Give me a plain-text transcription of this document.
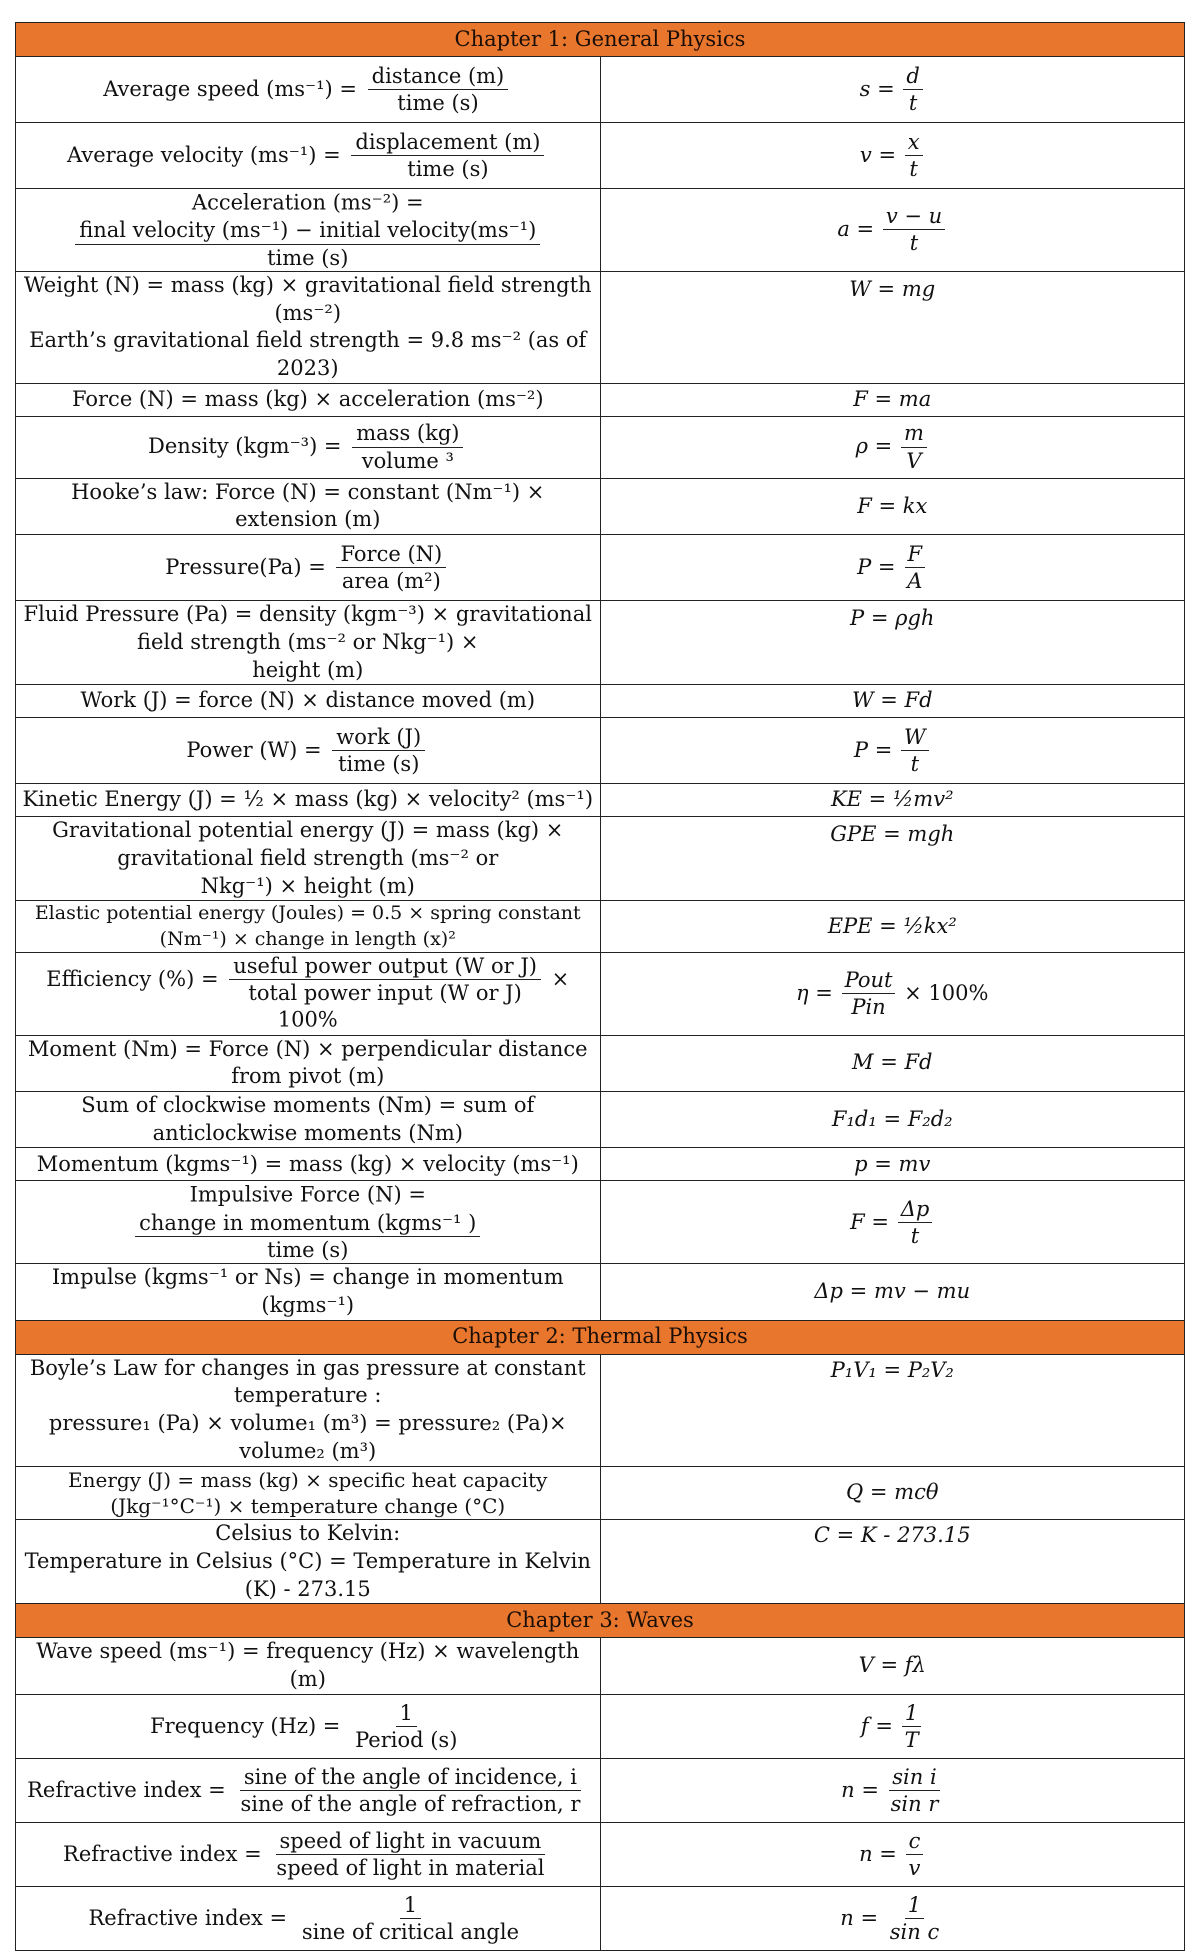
Chapter 1: General Physics	
Average speed $(ms^{-1}) = \frac{\text{distance (m)}}{\text{time (s)}}$	$s = \frac{d}{t}$

Average velocity $(ms^{-1}) = \frac{\text{displacement (m)}}{\text{time (s)}}$	$v = \frac{x}{t}$

Acceleration (ms⁻²) =
$\frac{\text{final velocity (ms⁻¹) − initial velocity(ms⁻¹)}}{\text{time (s)}}$	$a = \frac{v - u}{t}$

Weight (N) = mass (kg) × gravitational field strength (ms⁻²)
Earth’s gravitational field strength = 9.8 ms⁻² (as of 2023)	W = mg
Force (N) = mass (kg) × acceleration (ms⁻²)	F = ma
Density $(kgm^{-3}) = \frac{\text{mass (kg)}}{\text{volume ³}}$	$\rho = \frac{m}{V}$

Hooke’s law: Force (N) = constant (Nm⁻¹) × extension (m)	F = kx
Pressure(Pa) = $\frac{\text{Force (N)}}{\text{area (m²)}}$	$P = \frac{F}{A}$

Fluid Pressure (Pa) = density (kgm⁻³) × gravitational field strength (ms⁻² or Nkg⁻¹) ×
height (m)	P = ρgh
Work (J) = force (N) × distance moved (m)	W = Fd
Power $(W) = \frac{\text{work (J)}}{\text{time (s)}}$	$P = \frac{W}{t}$

Kinetic Energy (J) = ½ × mass (kg) × velocity² (ms⁻¹)	KE = ½mv²

Gravitational potential energy (J) = mass (kg) × gravitational field strength (ms⁻² or
Nkg⁻¹) × height (m)	GPE = mgh
Elastic potential energy (Joules) = 0.5 × spring constant (Nm⁻¹) × change in length (x)²	EPE = ½kx²
Efficiency (%) = $\frac{\text{useful power output (W or J)}}{\text{total power input (W or J)}} \times 100\%$	$\eta = \frac{\text{Pout}}{\text{Pin}} \times 100\%$
Moment (Nm) = Force (N) × perpendicular distance from pivot (m)	M = Fd
Sum of clockwise moments (Nm) = sum of anticlockwise moments (Nm)	F₁d₁ = F₂d₂
Momentum (kgms⁻¹) = mass (kg) × velocity (ms⁻¹)	p = mv
Impulsive Force (N) =
$\frac{\text{change in momentum (kgms⁻¹ )}}{\text{time (s)}}$	$F = \frac{\Delta p}{t}$

Impulse (kgms⁻¹ or Ns) = change in momentum (kgms⁻¹)	Δp = mv − mu
Chapter 2: Thermal Physics	

Boyle’s Law for changes in gas pressure at constant temperature :
pressure₁ (Pa) × volume₁ (m³) = pressure₂ (Pa)× volume₂ (m³)	P₁V₁ = P₂V₂
Energy (J) = mass (kg) × specific heat capacity (Jkg⁻¹°C⁻¹) × temperature change (°C)	Q = mcθ

Celsius to Kelvin:
Temperature in Celsius (°C) = Temperature in Kelvin (K) - 273.15	C = K - 273.15
Chapter 3: Waves	
Wave speed (ms⁻¹) = frequency (Hz) × wavelength (m)	V = fλ
Frequency $(Hz) = \frac{1}{\text{Period (s)}}$	$f = \frac{1}{T}$

Refractive index = $\frac{\text{sine of the angle of incidence, i}}{\text{sine of the angle of refraction, r}}$	$n = \frac{\text{sin i}}{\text{sin r}}$

Refractive index = $\frac{\text{speed of light in vacuum}}{\text{speed of light in material}}$	$n = \frac{c}{v}$

Refractive index = $\frac{1}{\text{sine of critical angle}}$	$n = \frac{1}{\text{sin c}}$
